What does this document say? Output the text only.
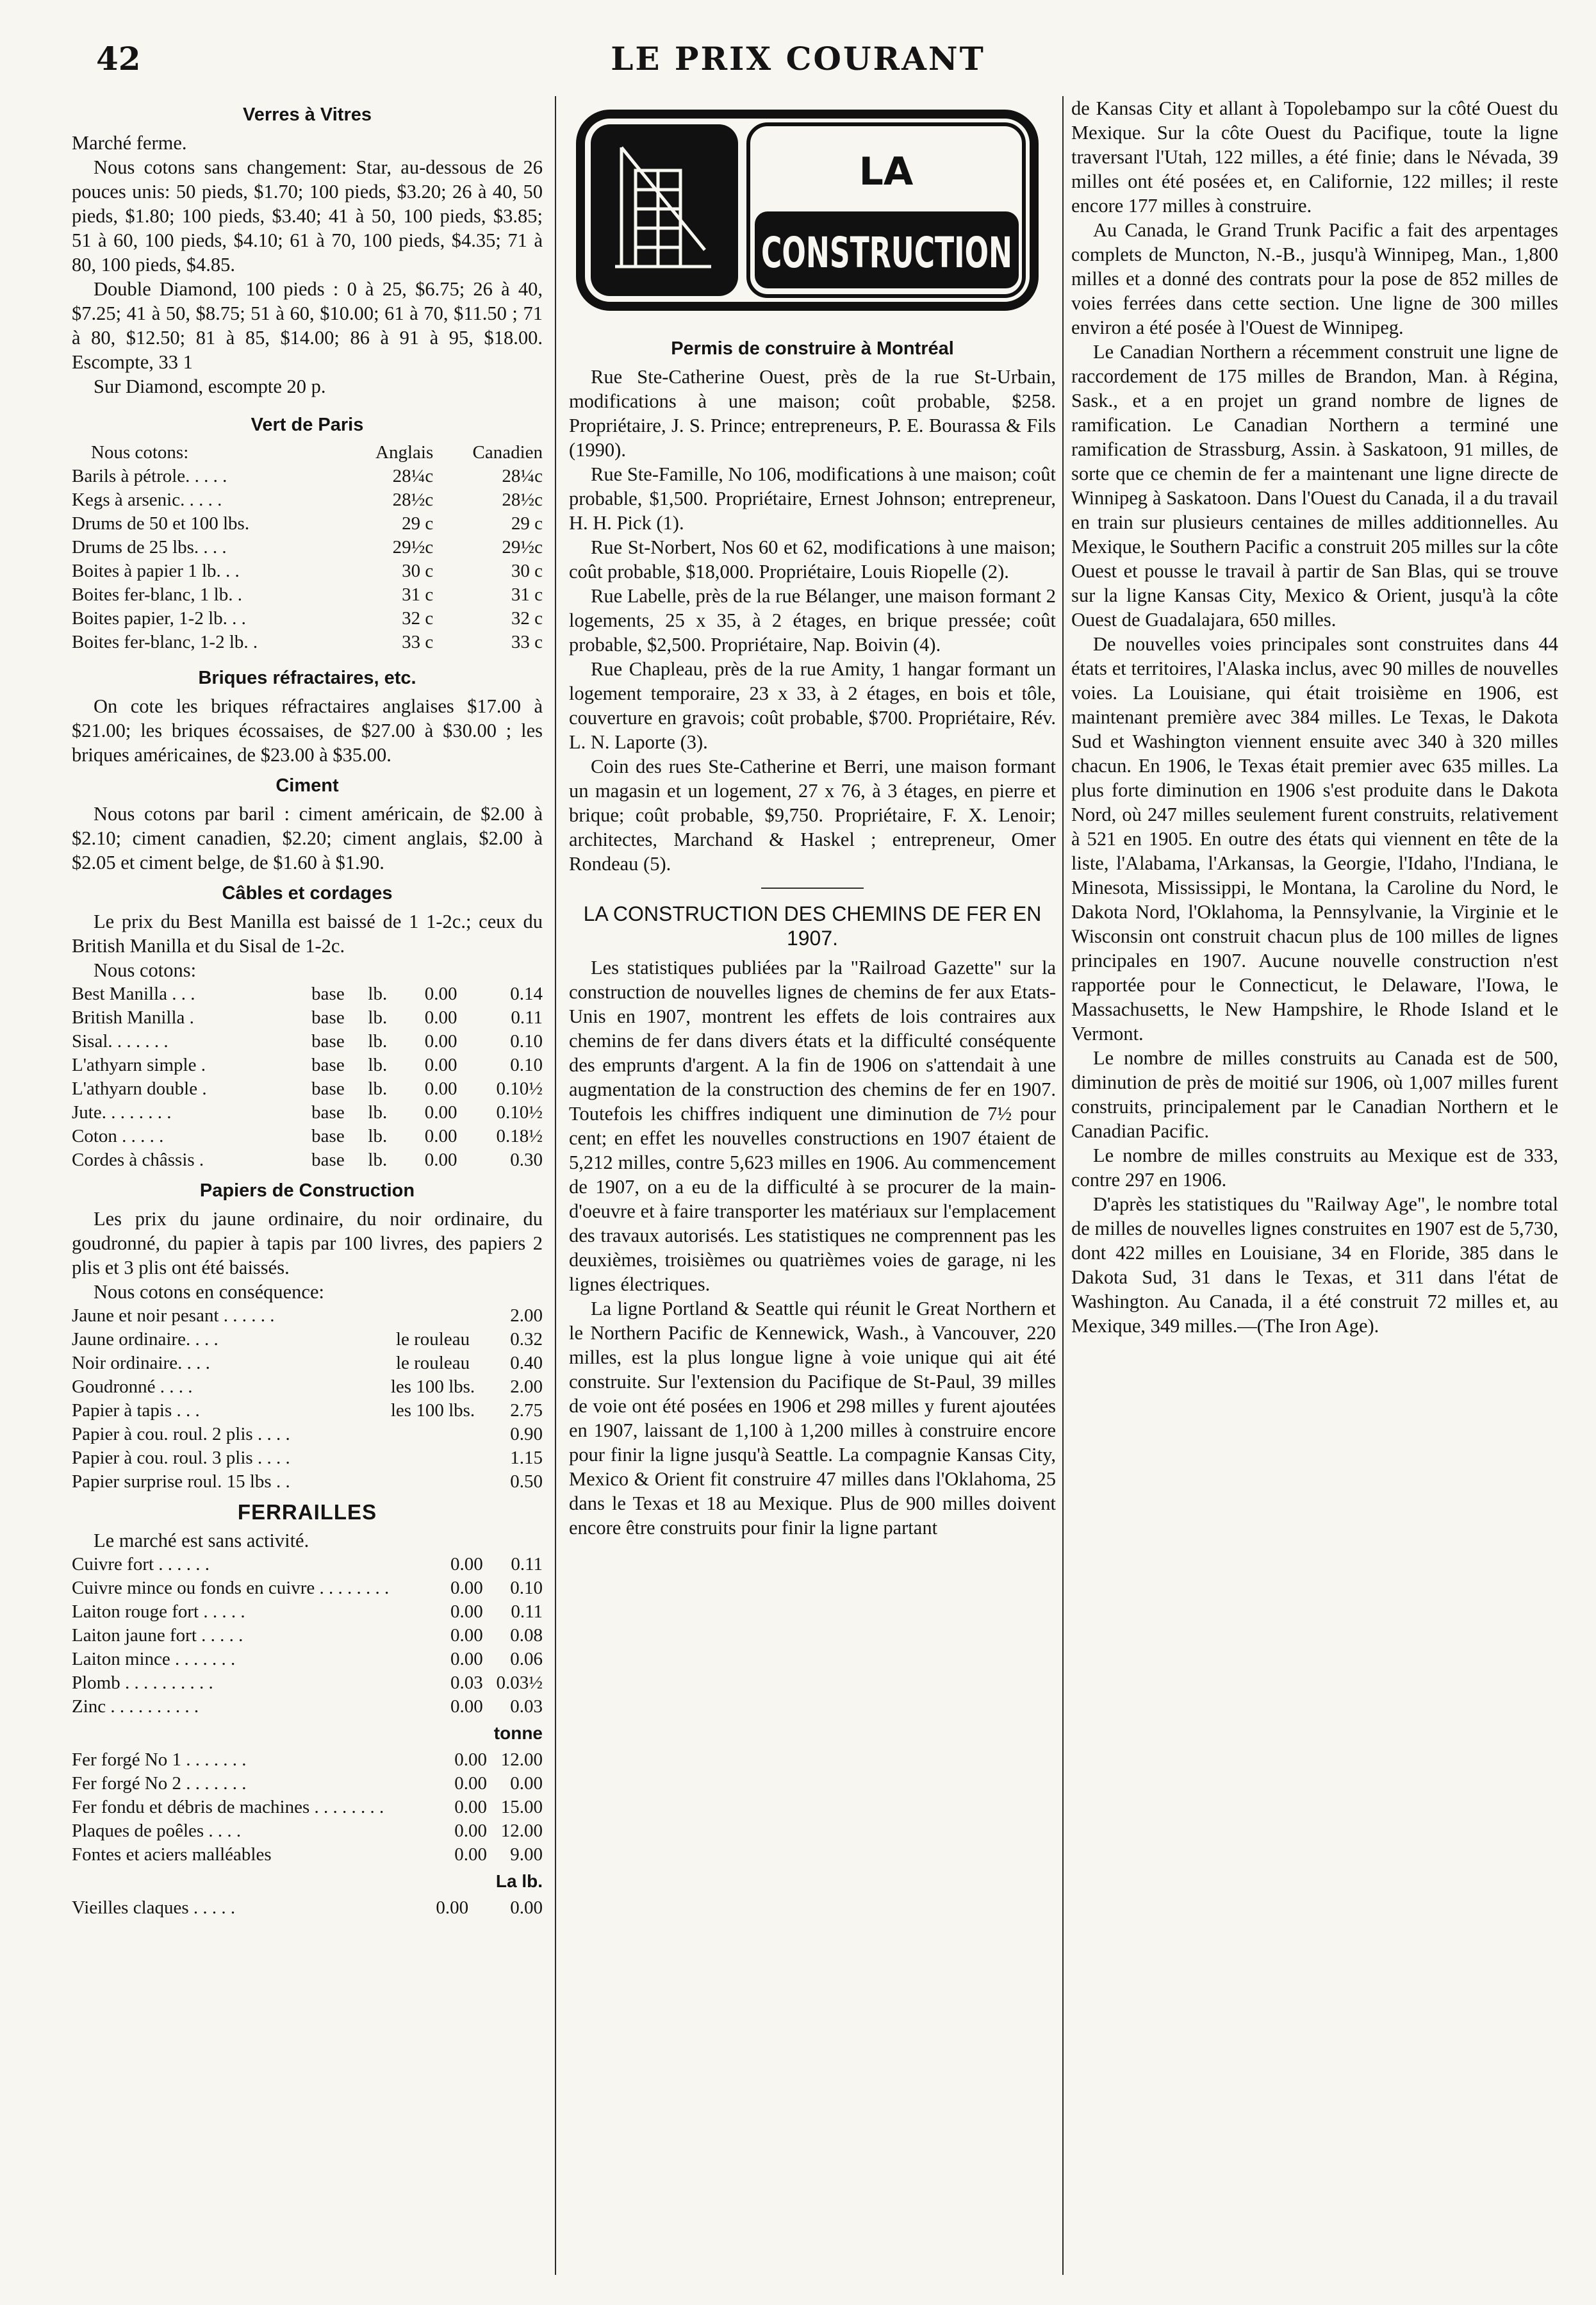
42	LE PRIX COURANT
Verres à Vitres

Marché ferme.

Nous cotons sans changement: Star, au-dessous de 26 pouces unis: 50 pieds, $1.70; 100 pieds, $3.20; 26 à 40, 50 pieds, $1.80; 100 pieds, $3.40; 41 à 50, 100 pieds, $3.85; 51 à 60, 100 pieds, $4.10; 61 à 70, 100 pieds, $4.35; 71 à 80, 100 pieds, $4.85.

Double Diamond, 100 pieds : 0 à 25, $6.75; 26 à 40, $7.25; 41 à 50, $8.75; 51 à 60, $10.00; 61 à 70, $11.50 ; 71 à 80, $12.50; 81 à 85, $14.00; 86 à 91 à 95, $18.00. Escompte, 33 1

Sur Diamond, escompte 20 p.

Vert de Paris
Nous cotons:	Anglais	Canadien
Barils à pétrole. . . . .	28¼c	28¼c
Kegs à arsenic. . . . .	28½c	28½c
Drums de 50 et 100 lbs.	29 c	29 c
Drums de 25 lbs. . . .	29½c	29½c
Boites à papier 1 lb. . .	30 c	30 c
Boites fer-blanc, 1 lb. .	31 c	31 c
Boites papier, 1-2 lb. . .	32 c	32 c
Boites fer-blanc, 1-2 lb. .	33 c	33 c
Briques réfractaires, etc.

On cote les briques réfractaires anglaises $17.00 à $21.00; les briques écossaises, de $27.00 à $30.00 ; les briques américaines, de $23.00 à $35.00.

Ciment

Nous cotons par baril : ciment américain, de $2.00 à $2.10; ciment canadien, $2.20; ciment anglais, $2.00 à $2.05 et ciment belge, de $1.60 à $1.90.

Câbles et cordages

Le prix du Best Manilla est baissé de 1 1-2c.; ceux du British Manilla et du Sisal de 1-2c.

Nous cotons:

Best Manilla . . .	base	lb.	0.00	0.14
British Manilla .	base	lb.	0.00	0.11
Sisal. . . . . . .	base	lb.	0.00	0.10
L'athyarn simple .	base	lb.	0.00	0.10
L'athyarn double .	base	lb.	0.00	0.10½
Jute. . . . . . . .	base	lb.	0.00	0.10½
Coton . . . . .	base	lb.	0.00	0.18½
Cordes à châssis .	base	lb.	0.00	0.30
Papiers de Construction

Les prix du jaune ordinaire, du noir ordinaire, du goudronné, du papier à tapis par 100 livres, des papiers 2 plis et 3 plis ont été baissés.

Nous cotons en conséquence:

Jaune et noir pesant . . . . . .		2.00
Jaune ordinaire. . . .	le rouleau	0.32
Noir ordinaire. . . .	le rouleau	0.40
Goudronné . . . .	les 100 lbs.	2.00
Papier à tapis . . .	les 100 lbs.	2.75
Papier à cou. roul. 2 plis . . . .		0.90
Papier à cou. roul. 3 plis . . . .		1.15
Papier surprise roul. 15 lbs . .		0.50
FERRAILLES

Le marché est sans activité.

Cuivre fort . . . . . .	0.00	0.11
Cuivre mince ou fonds en cuivre . . . . . . . .	0.00	0.10
Laiton rouge fort . . . . .	0.00	0.11
Laiton jaune fort . . . . .	0.00	0.08
Laiton mince . . . . . . .	0.00	0.06
Plomb . . . . . . . . . .	0.03	0.03½
Zinc . . . . . . . . . .	0.00	0.03
tonne
Fer forgé No 1 . . . . . . .	0.00	12.00
Fer forgé No 2 . . . . . . .	0.00	0.00
Fer fondu et débris de machines . . . . . . . .	0.00	15.00
Plaques de poêles . . . .	0.00	12.00
Fontes et aciers malléables	0.00	9.00
La lb.
Vieilles claques . . . . .	0.00	0.00
LA
CONSTRUCTION
Permis de construire à Montréal

Rue Ste-Catherine Ouest, près de la rue St-Urbain, modifications à une maison; coût probable, $258. Propriétaire, J. S. Prince; entrepreneurs, P. E. Bourassa & Fils (1990).

Rue Ste-Famille, No 106, modifications à une maison; coût probable, $1,500. Propriétaire, Ernest Johnson; entrepreneur, H. H. Pick (1).

Rue St-Norbert, Nos 60 et 62, modifications à une maison; coût probable, $18,000. Propriétaire, Louis Riopelle (2).

Rue Labelle, près de la rue Bélanger, une maison formant 2 logements, 25 x 35, à 2 étages, en brique pressée; coût probable, $2,500. Propriétaire, Nap. Boivin (4).

Rue Chapleau, près de la rue Amity, 1 hangar formant un logement temporaire, 23 x 33, à 2 étages, en bois et tôle, couverture en gravois; coût probable, $700. Propriétaire, Rév. L. N. Laporte (3).

Coin des rues Ste-Catherine et Berri, une maison formant un magasin et un logement, 27 x 76, à 3 étages, en pierre et brique; coût probable, $9,750. Propriétaire, F. X. Lenoir; architectes, Marchand & Haskel ; entrepreneur, Omer Rondeau (5).

LA CONSTRUCTION DES CHEMINS DE FER EN 1907.

Les statistiques publiées par la "Railroad Gazette" sur la construction de nouvelles lignes de chemins de fer aux Etats-Unis en 1907, montrent les effets de lois contraires aux chemins de fer dans divers états et la difficulté conséquente des emprunts d'argent. A la fin de 1906 on s'attendait à une augmentation de la construction des chemins de fer en 1907. Toutefois les chiffres indiquent une diminution de 7½ pour cent; en effet les nouvelles constructions en 1907 étaient de 5,212 milles, contre 5,623 milles en 1906. Au commencement de 1907, on a eu de la difficulté à se procurer de la main-d'oeuvre et à faire transporter les matériaux sur l'emplacement des travaux autorisés. Les statistiques ne comprennent pas les deuxièmes, troisièmes ou quatrièmes voies de garage, ni les lignes électriques.

La ligne Portland & Seattle qui réunit le Great Northern et le Northern Pacific de Kennewick, Wash., à Vancouver, 220 milles, est la plus longue ligne à voie unique qui ait été construite. Sur l'extension du Pacifique de St-Paul, 39 milles de voie ont été posées en 1906 et 298 milles y furent ajoutées en 1907, laissant de 1,100 à 1,200 milles à construire encore pour finir la ligne jusqu'à Seattle. La compagnie Kansas City, Mexico & Orient fit construire 47 milles dans l'Oklahoma, 25 dans le Texas et 18 au Mexique. Plus de 900 milles doivent encore être construits pour finir la ligne partant

de Kansas City et allant à Topolebampo sur la côté Ouest du Mexique. Sur la côte Ouest du Pacifique, toute la ligne traversant l'Utah, 122 milles, a été finie; dans le Névada, 39 milles ont été posées et, en Californie, 122 milles; il reste encore 177 milles à construire.

Au Canada, le Grand Trunk Pacific a fait des arpentages complets de Muncton, N.-B., jusqu'à Winnipeg, Man., 1,800 milles et a donné des contrats pour la pose de 852 milles de voies ferrées dans cette section. Une ligne de 300 milles environ a été posée à l'Ouest de Winnipeg.

Le Canadian Northern a récemment construit une ligne de raccordement de 175 milles de Brandon, Man. à Régina, Sask., et a en projet un grand nombre de lignes de ramification. Le Canadian Northern a terminé une ramification de Strassburg, Assin. à Saskatoon, 91 milles, de sorte que ce chemin de fer a maintenant une ligne directe de Winnipeg à Saskatoon. Dans l'Ouest du Canada, il a du travail en train sur plusieurs centaines de milles additionnelles. Au Mexique, le Southern Pacific a construit 205 milles sur la côte Ouest et pousse le travail à partir de San Blas, qui se trouve sur la ligne Kansas City, Mexico & Orient, jusqu'à la côte Ouest de Guadalajara, 650 milles.

De nouvelles voies principales sont construites dans 44 états et territoires, l'Alaska inclus, avec 90 milles de nouvelles voies. La Louisiane, qui était troisième en 1906, est maintenant première avec 384 milles. Le Texas, le Dakota Sud et Washington viennent ensuite avec 340 à 320 milles chacun. En 1906, le Texas était premier avec 635 milles. La plus forte diminution en 1906 s'est produite dans le Dakota Nord, où 247 milles seulement furent construits, relativement à 521 en 1905. En outre des états qui viennent en tête de la liste, l'Alabama, l'Arkansas, la Georgie, l'Idaho, l'Indiana, le Minesota, Mississippi, le Montana, la Caroline du Nord, le Dakota Nord, l'Oklahoma, la Pennsylvanie, la Virginie et le Wisconsin ont construit chacun plus de 100 milles de lignes principales en 1907. Aucune nouvelle construction n'est rapportée pour le Connecticut, le Delaware, l'Iowa, le Massachusetts, le New Hampshire, le Rhode Island et le Vermont.

Le nombre de milles construits au Canada est de 500, diminution de près de moitié sur 1906, où 1,007 milles furent construits, principalement par le Canadian Northern et le Canadian Pacific.

Le nombre de milles construits au Mexique est de 333, contre 297 en 1906.

D'après les statistiques du "Railway Age", le nombre total de milles de nouvelles lignes construites en 1907 est de 5,730, dont 422 milles en Louisiane, 34 en Floride, 385 dans le Dakota Sud, 31 dans le Texas, et 311 dans l'état de Washington. Au Canada, il a été construit 72 milles et, au Mexique, 349 milles.—(The Iron Age).
